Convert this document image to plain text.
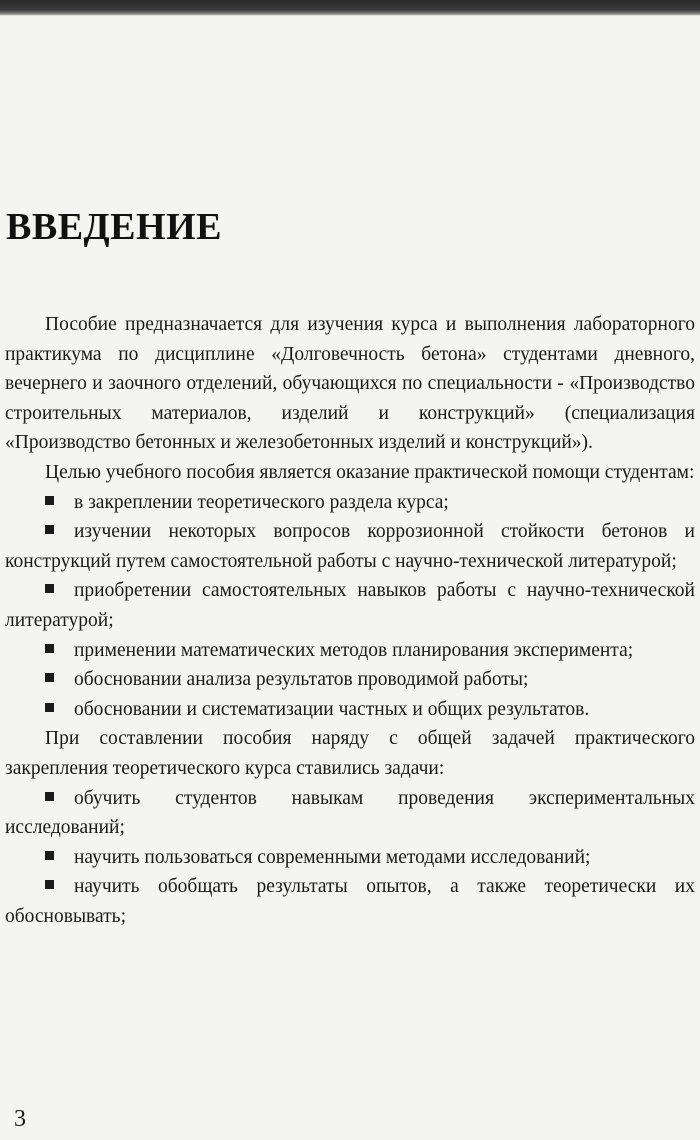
ВВЕДЕНИЕ

Пособие предназначается для изучения курса и выполнения лабораторного практикума по дисциплине «Долговечность бетона» студентами дневного, вечернего и заочного отделений, обучающихся по специальности - «Производство строительных материалов, изделий и конструкций» (специализация «Производство бетонных и железобетонных изделий и конструкций»).

Целью учебного пособия является оказание практической помощи студентам:

в закреплении теоретического раздела курса;
изучении некоторых вопросов коррозионной стойкости бетонов и конструкций путем самостоятельной работы с научно-технической литературой;
приобретении самостоятельных навыков работы с научно-технической литературой;
применении математических методов планирования эксперимента;
обосновании анализа результатов проводимой работы;
обосновании и систематизации частных и общих результатов.

При составлении пособия наряду с общей задачей практического закрепления теоретического курса ставились задачи:

обучить студентов навыкам проведения экспериментальных исследований;
научить пользоваться современными методами исследований;
научить обобщать результаты опытов, а также теоретически их обосновывать;
3
